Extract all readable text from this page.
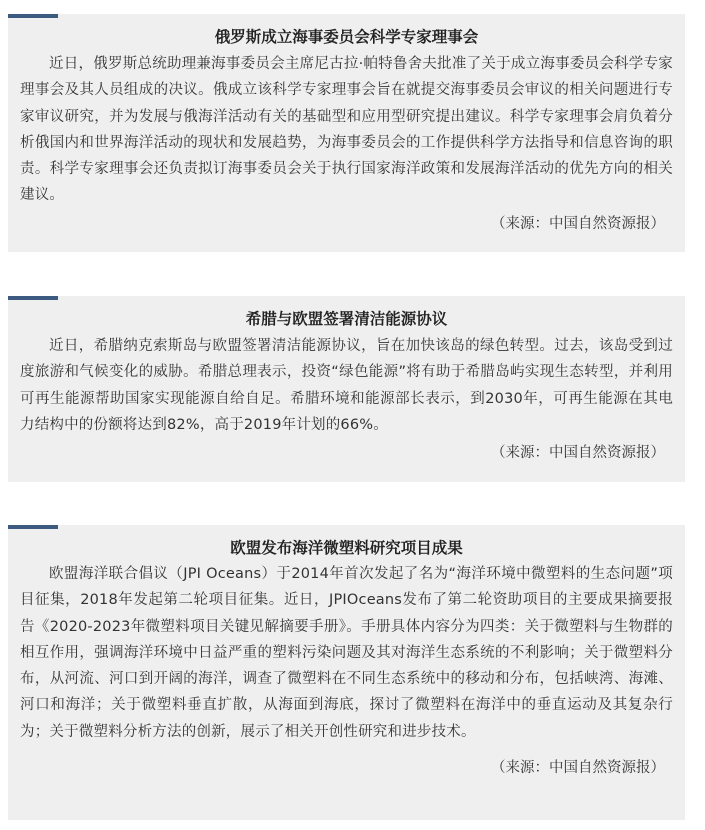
俄罗斯成立海事委员会科学专家理事会

近日，俄罗斯总统助理兼海事委员会主席尼古拉·帕特鲁舍夫批准了关于成立海事委员会科学专家理事会及其人员组成的决议。俄成立该科学专家理事会旨在就提交海事委员会审议的相关问题进行专家审议研究，并为发展与俄海洋活动有关的基础型和应用型研究提出建议。科学专家理事会肩负着分析俄国内和世界海洋活动的现状和发展趋势，为海事委员会的工作提供科学方法指导和信息咨询的职责。科学专家理事会还负责拟订海事委员会关于执行国家海洋政策和发展海洋活动的优先方向的相关建议。

（来源：中国自然资源报）

希腊与欧盟签署清洁能源协议

近日，希腊纳克索斯岛与欧盟签署清洁能源协议，旨在加快该岛的绿色转型。过去，该岛受到过度旅游和气候变化的威胁。希腊总理表示，投资“绿色能源”将有助于希腊岛屿实现生态转型，并利用可再生能源帮助国家实现能源自给自足。希腊环境和能源部长表示，到2030年，可再生能源在其电力结构中的份额将达到82%，高于2019年计划的66%。

（来源：中国自然资源报）

欧盟发布海洋微塑料研究项目成果

欧盟海洋联合倡议（JPI Oceans）于2014年首次发起了名为“海洋环境中微塑料的生态问题”项目征集，2018年发起第二轮项目征集。近日，JPIOceans发布了第二轮资助项目的主要成果摘要报告《2020-2023年微塑料项目关键见解摘要手册》。手册具体内容分为四类：关于微塑料与生物群的相互作用，强调海洋环境中日益严重的塑料污染问题及其对海洋生态系统的不利影响；关于微塑料分布，从河流、河口到开阔的海洋，调查了微塑料在不同生态系统中的移动和分布，包括峡湾、海滩、河口和海洋；关于微塑料垂直扩散，从海面到海底，探讨了微塑料在海洋中的垂直运动及其复杂行为；关于微塑料分析方法的创新，展示了相关开创性研究和进步技术。

（来源：中国自然资源报）
